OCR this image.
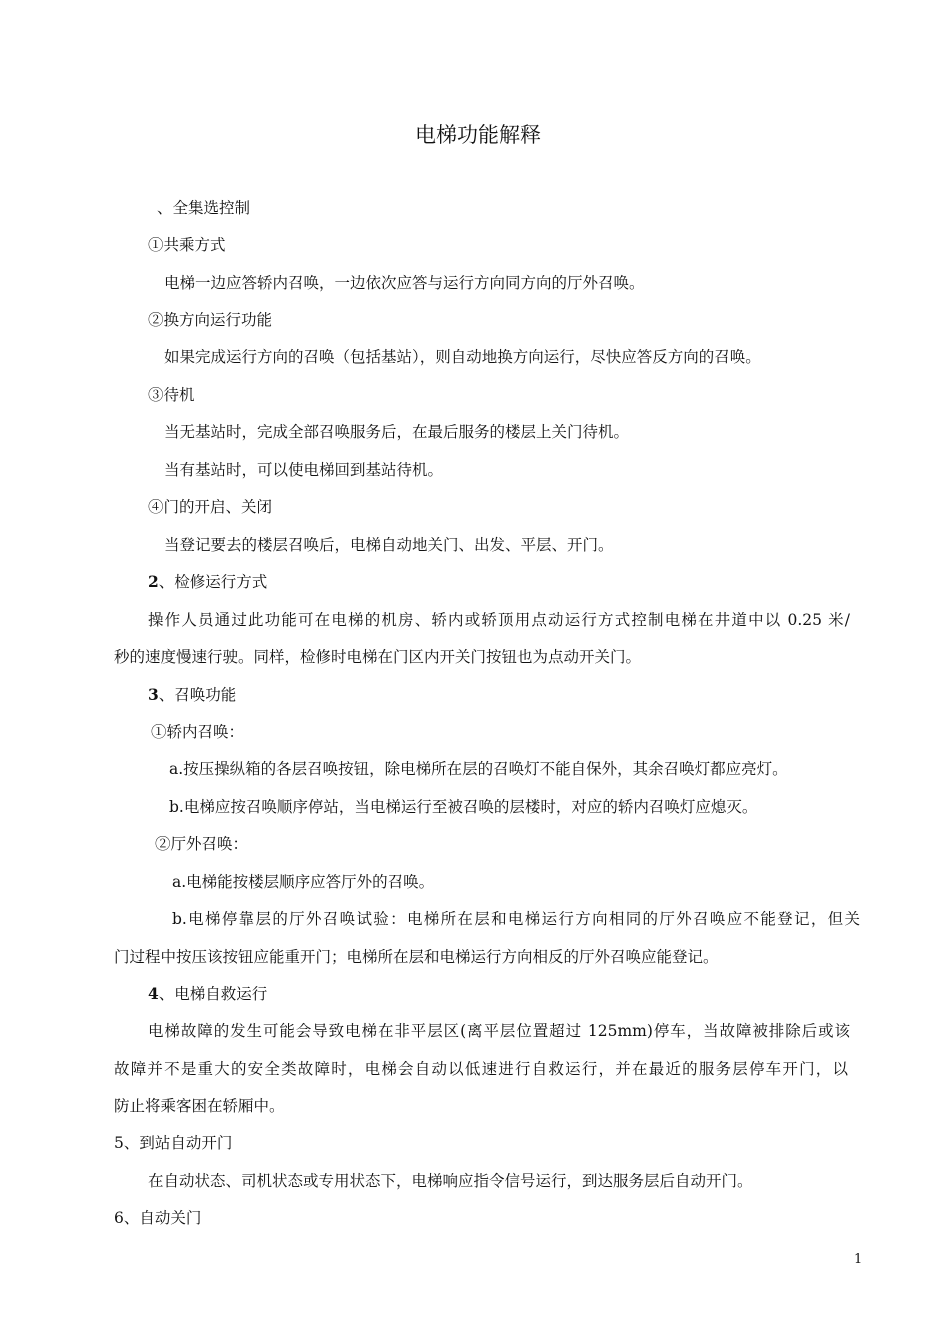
电梯功能解释
、全集选控制
①共乘方式
电梯一边应答轿内召唤，一边依次应答与运行方向同方向的厅外召唤。
②换方向运行功能
如果完成运行方向的召唤（包括基站），则自动地换方向运行，尽快应答反方向的召唤。
③待机
当无基站时，完成全部召唤服务后，在最后服务的楼层上关门待机。
当有基站时，可以使电梯回到基站待机。
④门的开启、关闭
当登记要去的楼层召唤后，电梯自动地关门、出发、平层、开门。
2、检修运行方式
操作人员通过此功能可在电梯的机房、轿内或轿顶用点动运行方式控制电梯在井道中以 0.25 米/
秒的速度慢速行驶。同样，检修时电梯在门区内开关门按钮也为点动开关门。
3、召唤功能
①轿内召唤：
a.按压操纵箱的各层召唤按钮，除电梯所在层的召唤灯不能自保外，其余召唤灯都应亮灯。
b.电梯应按召唤顺序停站，当电梯运行至被召唤的层楼时，对应的轿内召唤灯应熄灭。
②厅外召唤：
a.电梯能按楼层顺序应答厅外的召唤。
b.电梯停靠层的厅外召唤试验：电梯所在层和电梯运行方向相同的厅外召唤应不能登记，但关
门过程中按压该按钮应能重开门；电梯所在层和电梯运行方向相反的厅外召唤应能登记。
4、电梯自救运行
电梯故障的发生可能会导致电梯在非平层区(离平层位置超过 125mm)停车，当故障被排除后或该
故障并不是重大的安全类故障时，电梯会自动以低速进行自救运行，并在最近的服务层停车开门，以
防止将乘客困在轿厢中。
5、到站自动开门
在自动状态、司机状态或专用状态下，电梯响应指令信号运行，到达服务层后自动开门。
6、自动关门
1
